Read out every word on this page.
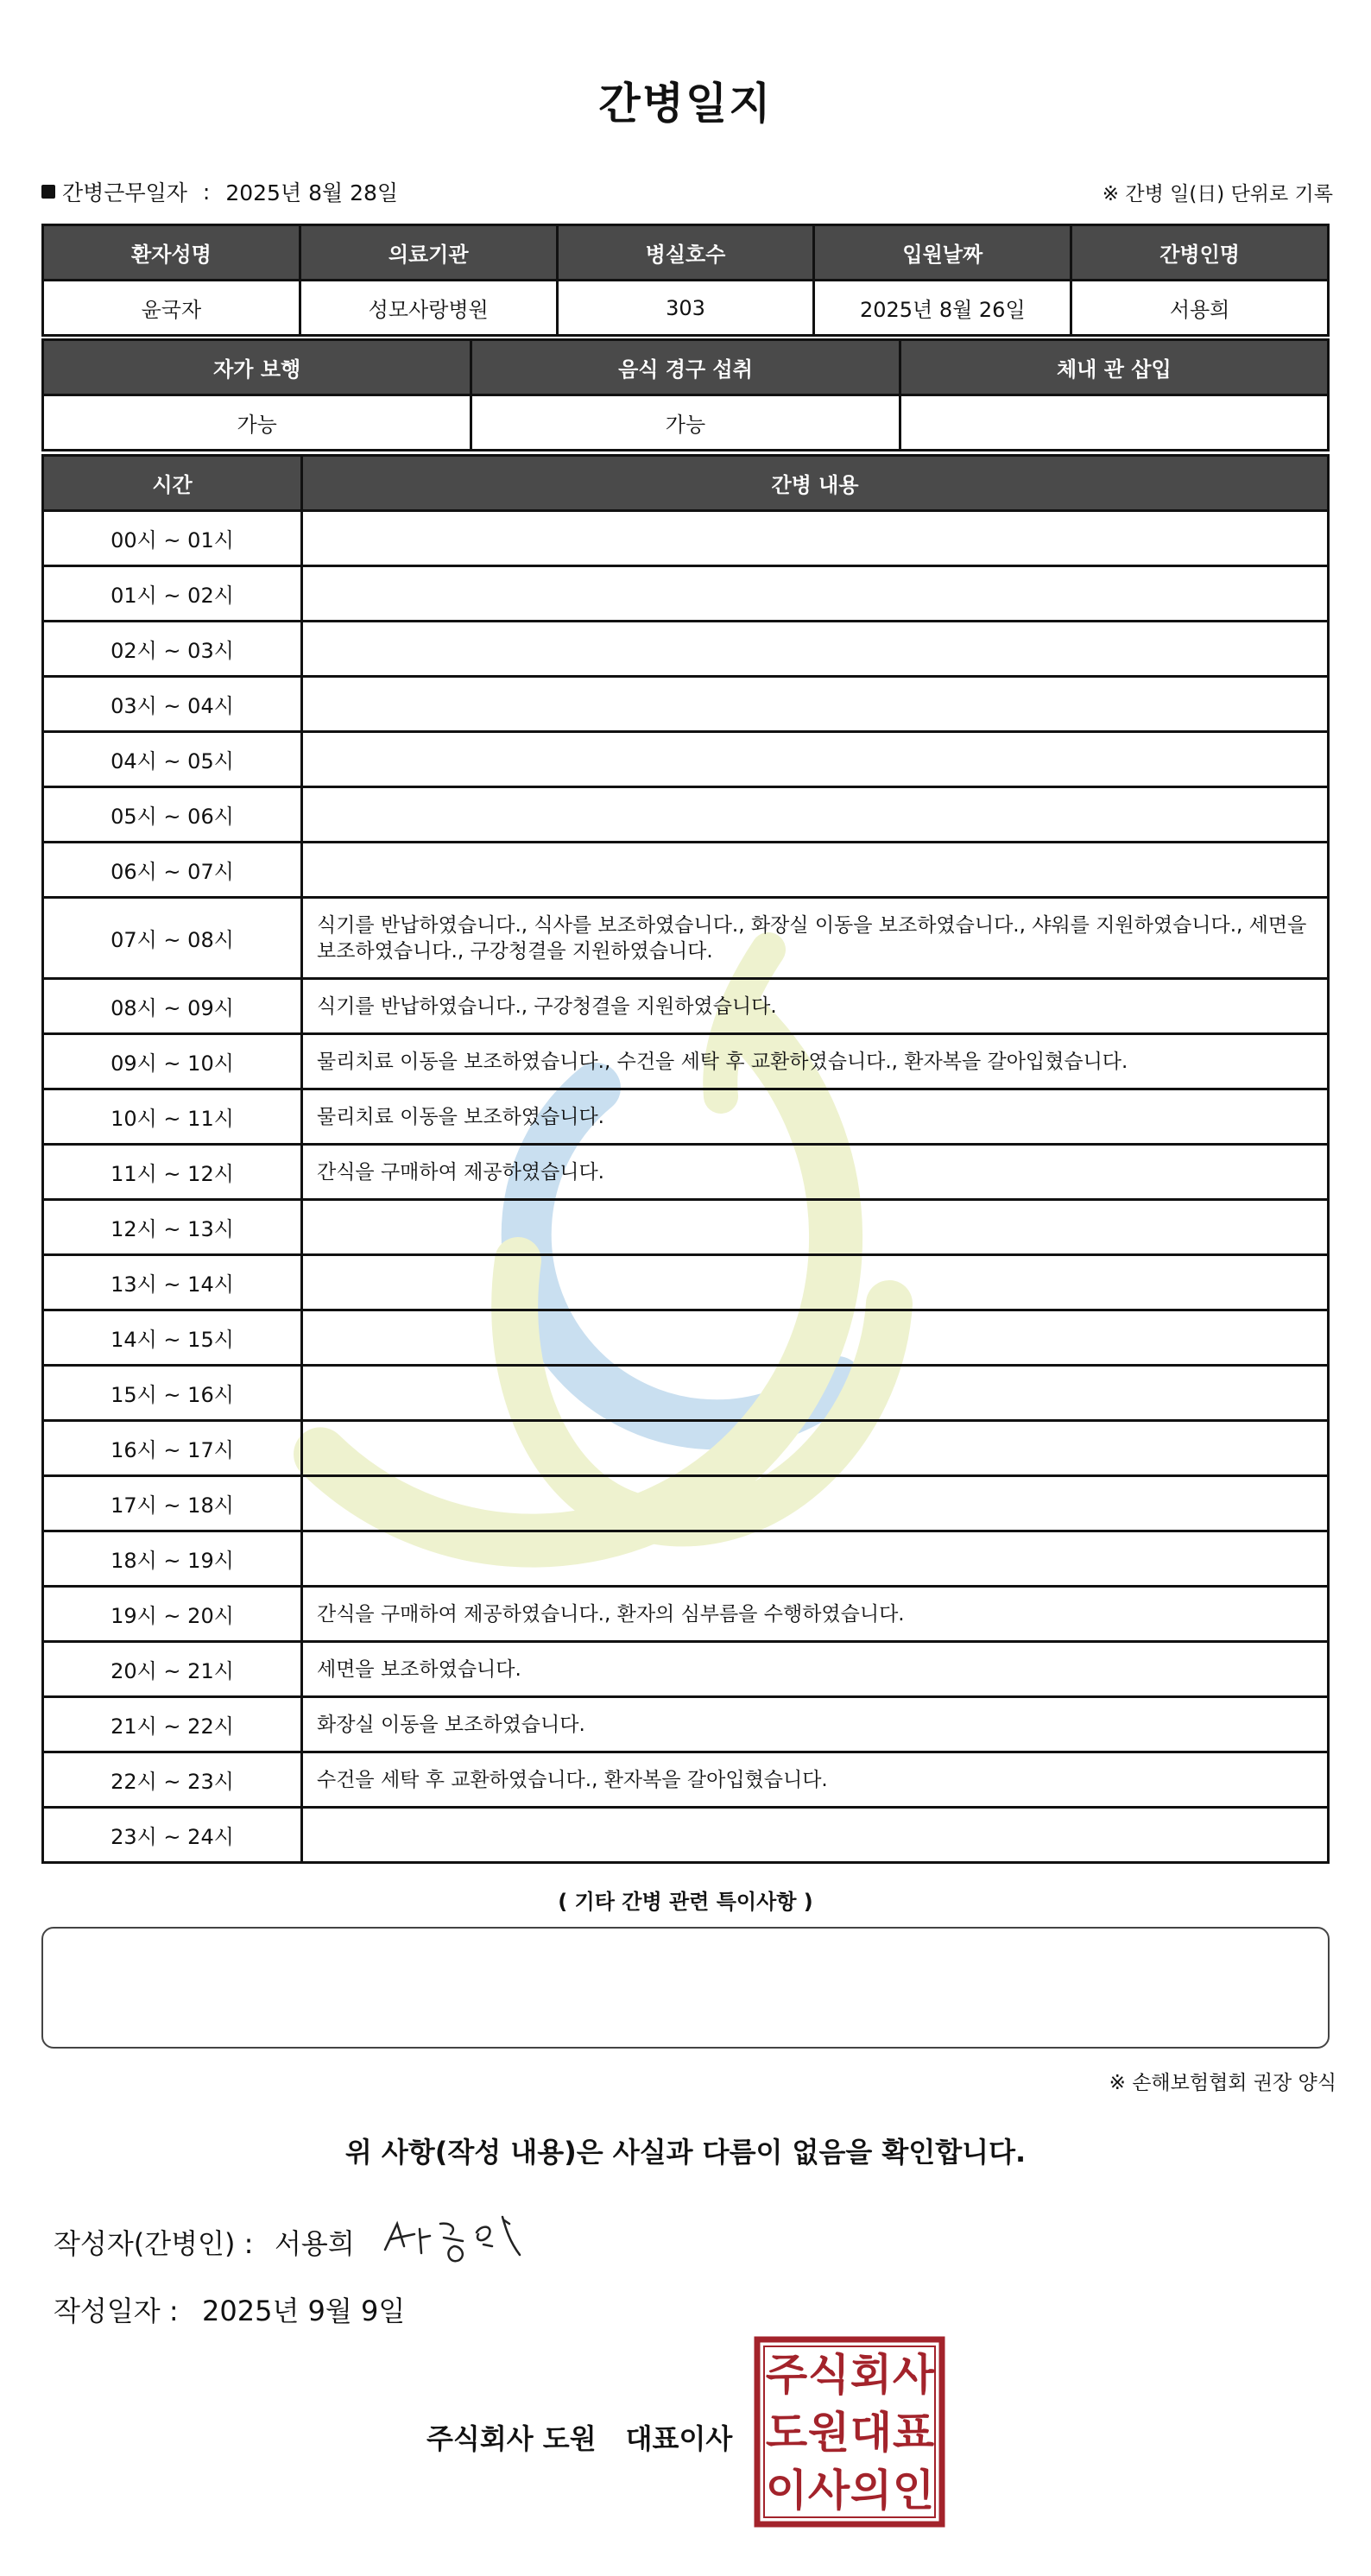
간병일지
간병근무일자 : 2025년 8월 28일	※ 간병 일(日) 단위로 기록
환자성명	의료기관	병실호수	입원날짜	간병인명
윤국자	성모사랑병원	303	2025년 8월 26일	서용희
자가 보행	음식 경구 섭취	체내 관 삽입
가능	가능	
시간	간병 내용
00시 ~ 01시	
01시 ~ 02시	
02시 ~ 03시	
03시 ~ 04시	
04시 ~ 05시	
05시 ~ 06시	
06시 ~ 07시	
07시 ~ 08시	식기를 반납하였습니다., 식사를 보조하였습니다., 화장실 이동을 보조하였습니다., 샤워를 지원하였습니다., 세면을 보조하였습니다., 구강청결을 지원하였습니다.
08시 ~ 09시	식기를 반납하였습니다., 구강청결을 지원하였습니다.
09시 ~ 10시	물리치료 이동을 보조하였습니다., 수건을 세탁 후 교환하였습니다., 환자복을 갈아입혔습니다.
10시 ~ 11시	물리치료 이동을 보조하였습니다.
11시 ~ 12시	간식을 구매하여 제공하였습니다.
12시 ~ 13시	
13시 ~ 14시	
14시 ~ 15시	
15시 ~ 16시	
16시 ~ 17시	
17시 ~ 18시	
18시 ~ 19시	
19시 ~ 20시	간식을 구매하여 제공하였습니다., 환자의 심부름을 수행하였습니다.
20시 ~ 21시	세면을 보조하였습니다.
21시 ~ 22시	화장실 이동을 보조하였습니다.
22시 ~ 23시	수건을 세탁 후 교환하였습니다., 환자복을 갈아입혔습니다.
23시 ~ 24시	
( 기타 간병 관련 특이사항 )
※ 손해보험협회 권장 양식
위 사항(작성 내용)은 사실과 다름이 없음을 확인합니다.
작성자(간병인) : 서용희
작성일자 : 2025년 9월 9일
주식회사 도원 대표이사
주 식 회 사
도 원 대 표
이 사 의 인
